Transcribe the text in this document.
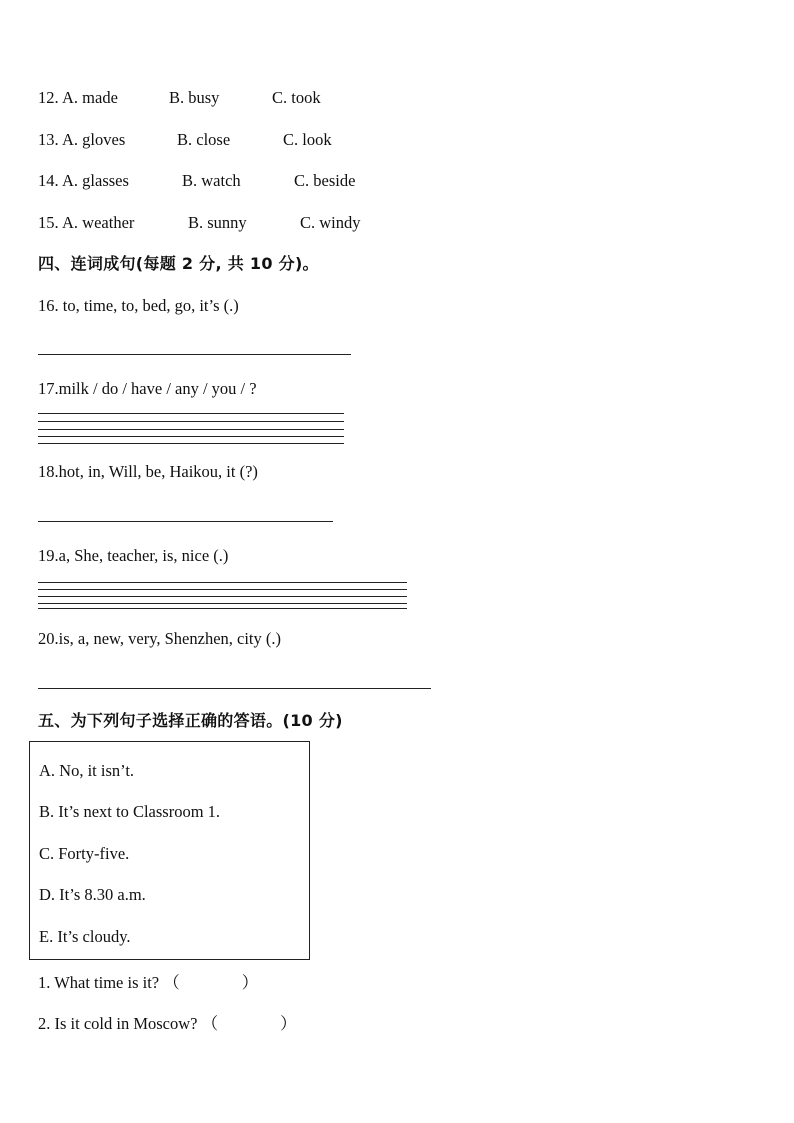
12. A. made	B. busy	C. took
13. A. gloves	B. close	C. look
14. A. glasses	B. watch	C. beside
15. A. weather	B. sunny	C. windy
四、连词成句(每题 2 分, 共 10 分)。
16. to, time, to, bed, go, it’s (.)
17.milk / do / have / any / you / ?
18.hot, in, Will, be, Haikou, it (?)
19.a, She, teacher, is, nice (.)
20.is, a, new, very, Shenzhen, city (.)
五、为下列句子选择正确的答语。(10 分)
A. No, it isn’t.
B. It’s next to Classroom 1.
C. Forty-five.
D. It’s 8.30 a.m.
E. It’s cloudy.
1. What time is it? （	）
2. Is it cold in Moscow? （	）
